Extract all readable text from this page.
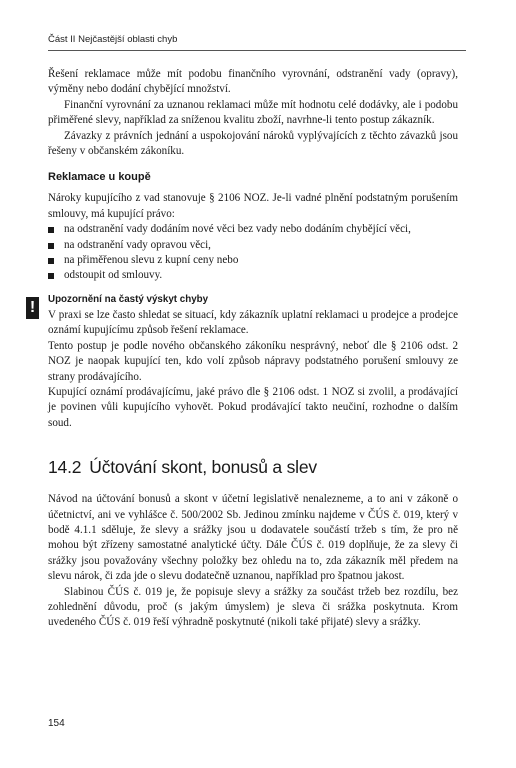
Část II Nejčastější oblasti chyb

Řešení reklamace může mít podobu finančního vyrovnání, odstranění vady (opravy), výměny nebo dodání chybějící množství.

Finanční vyrovnání za uznanou reklamaci může mít hodnotu celé dodávky, ale i podobu přiměřené slevy, například za sníženou kvalitu zboží, navrhne-li tento postup zákazník.

Závazky z právních jednání a uspokojování nároků vyplývajících z těchto závazků jsou řešeny v občanském zákoníku.

Reklamace u koupě

Nároky kupujícího z vad stanovuje § 2106 NOZ. Je-li vadné plnění podstatným porušením smlouvy, má kupující právo:

na odstranění vady dodáním nové věci bez vady nebo dodáním chybějící věci,
na odstranění vady opravou věci,
na přiměřenou slevu z kupní ceny nebo
odstoupit od smlouvy.
!	Upozornění na častý výskyt chyby

V praxi se lze často shledat se situací, kdy zákazník uplatní reklamaci u prodejce a prodejce oznámí kupujícímu způsob řešení reklamace.

Tento postup je podle nového občanského zákoníku nesprávný, neboť dle § 2106 odst. 2 NOZ je naopak kupující ten, kdo volí způsob nápravy podstatného porušení smlouvy ze strany prodávajícího.

Kupující oznámí prodávajícímu, jaké právo dle § 2106 odst. 1 NOZ si zvolil, a prodávající je povinen vůli kupujícího vyhovět. Pokud prodávající takto neučiní, rozhodne o dalším soud.

14.2 Účtování skont, bonusů a slev

Návod na účtování bonusů a skont v účetní legislativě nenalezneme, a to ani v zákoně o účetnictví, ani ve vyhlášce č. 500/2002 Sb. Jedinou zmínku najdeme v ČÚS č. 019, který v bodě 4.1.1 sděluje, že slevy a srážky jsou u dodavatele součástí tržeb s tím, že pro ně mohou být zřízeny samostatné analytické účty. Dále ČÚS č. 019 doplňuje, že za slevy či srážky jsou považovány všechny položky bez ohledu na to, zda zákazník měl předem na slevu nárok, či zda jde o slevu dodatečně uznanou, například pro špatnou jakost.

Slabinou ČÚS č. 019 je, že popisuje slevy a srážky za součást tržeb bez rozdílu, bez zohlednění důvodu, proč (s jakým úmyslem) je sleva či srážka poskytnuta. Krom uvedeného ČÚS č. 019 řeší výhradně poskytnuté (nikoli také přijaté) slevy a srážky.

154
